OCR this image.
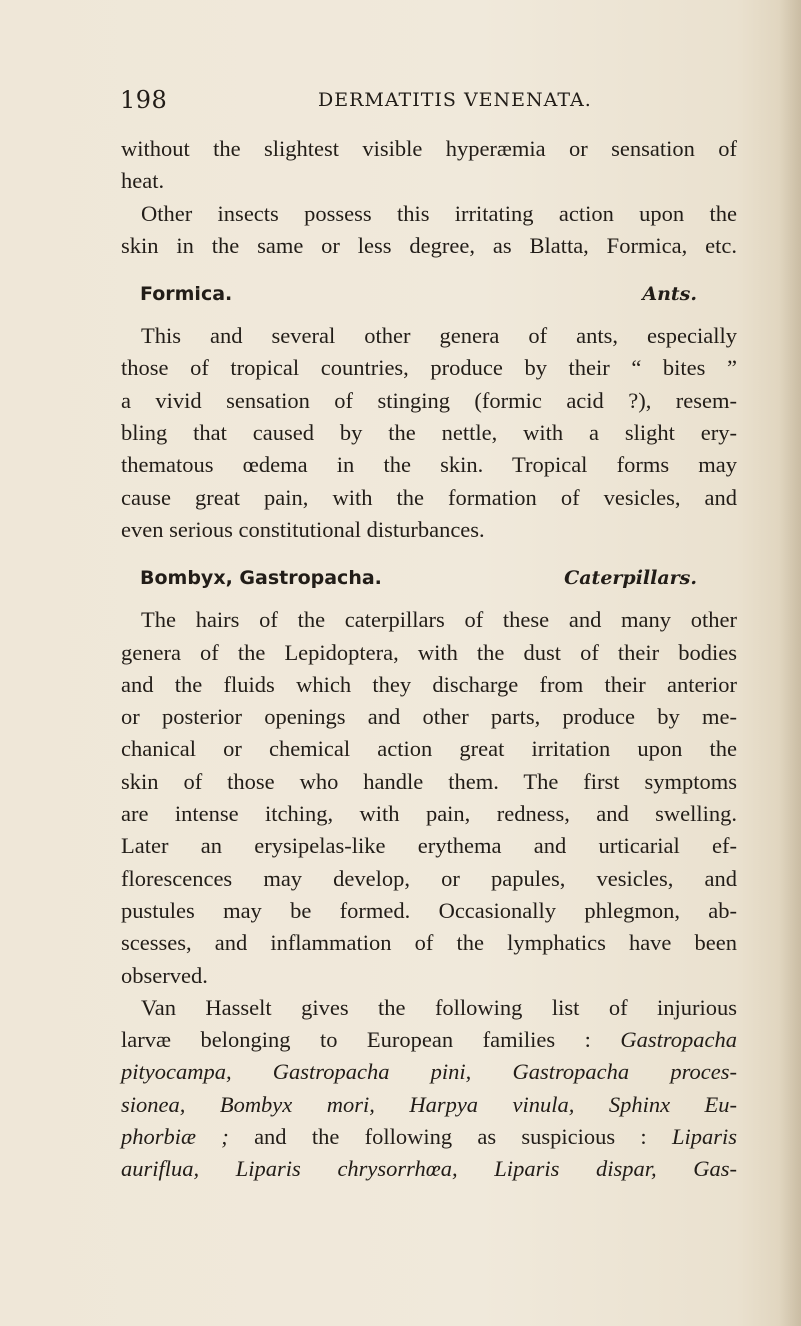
198	DERMATITIS VENENATA.
without the slightest visible hyperæmia or sensation of
heat.
Other insects possess this irritating action upon the
skin in the same or less degree, as Blatta, Formica, etc.
Formica.	Ants.
This and several other genera of ants, especially
those of tropical countries, produce by their “ bites ”
a vivid sensation of stinging (formic acid ?), resem-
bling that caused by the nettle, with a slight ery-
thematous œdema in the skin. Tropical forms may
cause great pain, with the formation of vesicles, and
even serious constitutional disturbances.
Bombyx, Gastropacha.	Caterpillars.
The hairs of the caterpillars of these and many other
genera of the Lepidoptera, with the dust of their bodies
and the fluids which they discharge from their anterior
or posterior openings and other parts, produce by me-
chanical or chemical action great irritation upon the
skin of those who handle them. The first symptoms
are intense itching, with pain, redness, and swelling.
Later an erysipelas-like erythema and urticarial ef-
florescences may develop, or papules, vesicles, and
pustules may be formed. Occasionally phlegmon, ab-
scesses, and inflammation of the lymphatics have been
observed.
Van Hasselt gives the following list of injurious
larvæ belonging to European families : Gastropacha
pityocampa, Gastropacha pini, Gastropacha proces-
sionea, Bombyx mori, Harpya vinula, Sphinx Eu-
phorbiæ ; and the following as suspicious : Liparis
auriflua, Liparis chrysorrhœa, Liparis dispar, Gas-
